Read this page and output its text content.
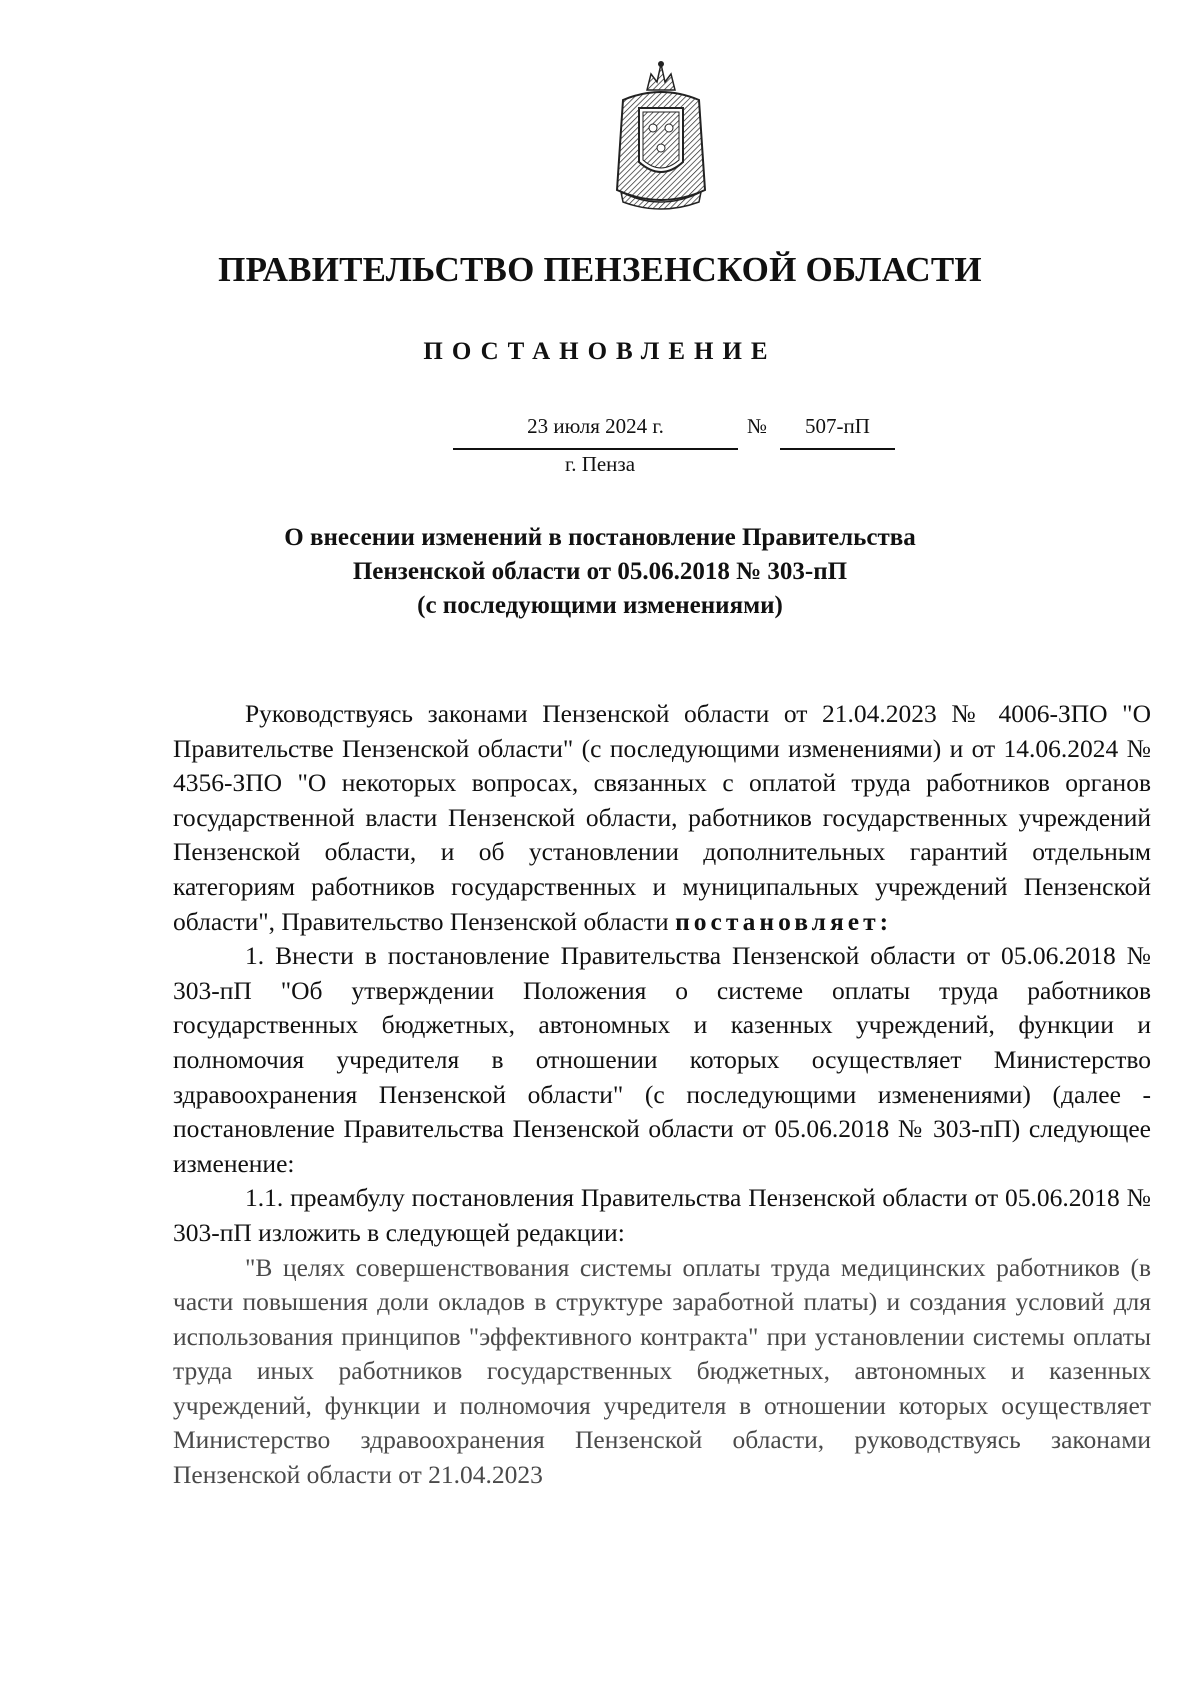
ПРАВИТЕЛЬСТВО ПЕНЗЕНСКОЙ ОБЛАСТИ
ПОСТАНОВЛЕНИЕ
23 июля 2024 г.	№	507-пП
г. Пенза
О внесении изменений в постановление Правительства
Пензенской области от 05.06.2018 № 303-пП
(с последующими изменениями)

Руководствуясь законами Пензенской области от 21.04.2023 № 4006-ЗПО "О Правительстве Пензенской области" (с последующими изменениями) и от 14.06.2024 № 4356-ЗПО "О некоторых вопросах, связанных с оплатой труда работников органов государственной власти Пензенской области, работников государственных учреждений Пензенской области, и об установлении дополнительных гарантий отдельным категориям работников государственных и муниципальных учреждений Пензенской области", Правительство Пензенской области постановляет:

1. Внести в постановление Правительства Пензенской области от 05.06.2018 № 303-пП "Об утверждении Положения о системе оплаты труда работников государственных бюджетных, автономных и казенных учреждений, функции и полномочия учредителя в отношении которых осуществляет Министерство здравоохранения Пензенской области" (с последующими изменениями) (далее - постановление Правительства Пензенской области от 05.06.2018 № 303-пП) следующее изменение:

1.1. преамбулу постановления Правительства Пензенской области от 05.06.2018 № 303-пП изложить в следующей редакции:

"В целях совершенствования системы оплаты труда медицинских работников (в части повышения доли окладов в структуре заработной платы) и создания условий для использования принципов "эффективного контракта" при установлении системы оплаты труда иных работников государственных бюджетных, автономных и казенных учреждений, функции и полномочия учредителя в отношении которых осуществляет Министерство здравоохранения Пензенской области, руководствуясь законами Пензенской области от 21.04.2023
